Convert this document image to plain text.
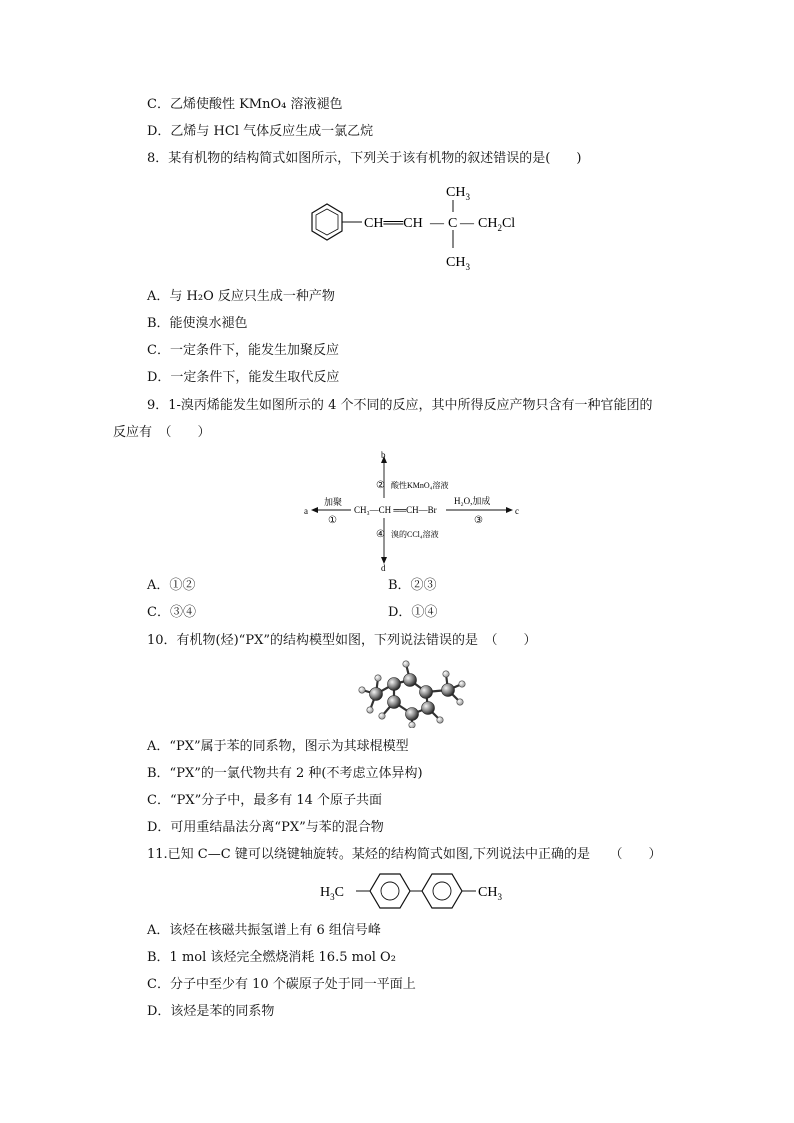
C．乙烯使酸性 KMnO₄ 溶液褪色
D．乙烯与 HCl 气体反应生成一氯乙烷
8．某有机物的结构简式如图所示，下列关于该有机物的叙述错误的是(　　)
CH══CH — C — $CH_2Cl$
$CH_3$
$CH_3$
A．与 H₂O 反应只生成一种产物
B．能使溴水褪色
C．一定条件下，能发生加聚反应
D．一定条件下，能发生取代反应
9．1-溴丙烯能发生如图所示的 4 个不同的反应，其中所得反应产物只含有一种官能团的
反应有　（　　）
b
② 酸性KMnO₄溶液
CH₃—CH ══CH—Br
a
加聚
①
c
H₂O,加成
③
④ 溴的CCl₄溶液
d
A．①②	B．②③
C．③④	D．①④
10．有机物(烃)“PX”的结构模型如图，下列说法错误的是　（　　）
A．“PX”属于苯的同系物，图示为其球棍模型
B．“PX”的一氯代物共有 2 种(不考虑立体异构)
C．“PX”分子中，最多有 14 个原子共面
D．可用重结晶法分离“PX”与苯的混合物
11.已知 C—C 键可以绕键轴旋转。某烃的结构简式如图,下列说法中正确的是　　（　　）
$H_3C$	$CH_3$
A．该烃在核磁共振氢谱上有 6 组信号峰
B．1 mol 该烃完全燃烧消耗 16.5 mol O₂
C．分子中至少有 10 个碳原子处于同一平面上
D．该烃是苯的同系物
